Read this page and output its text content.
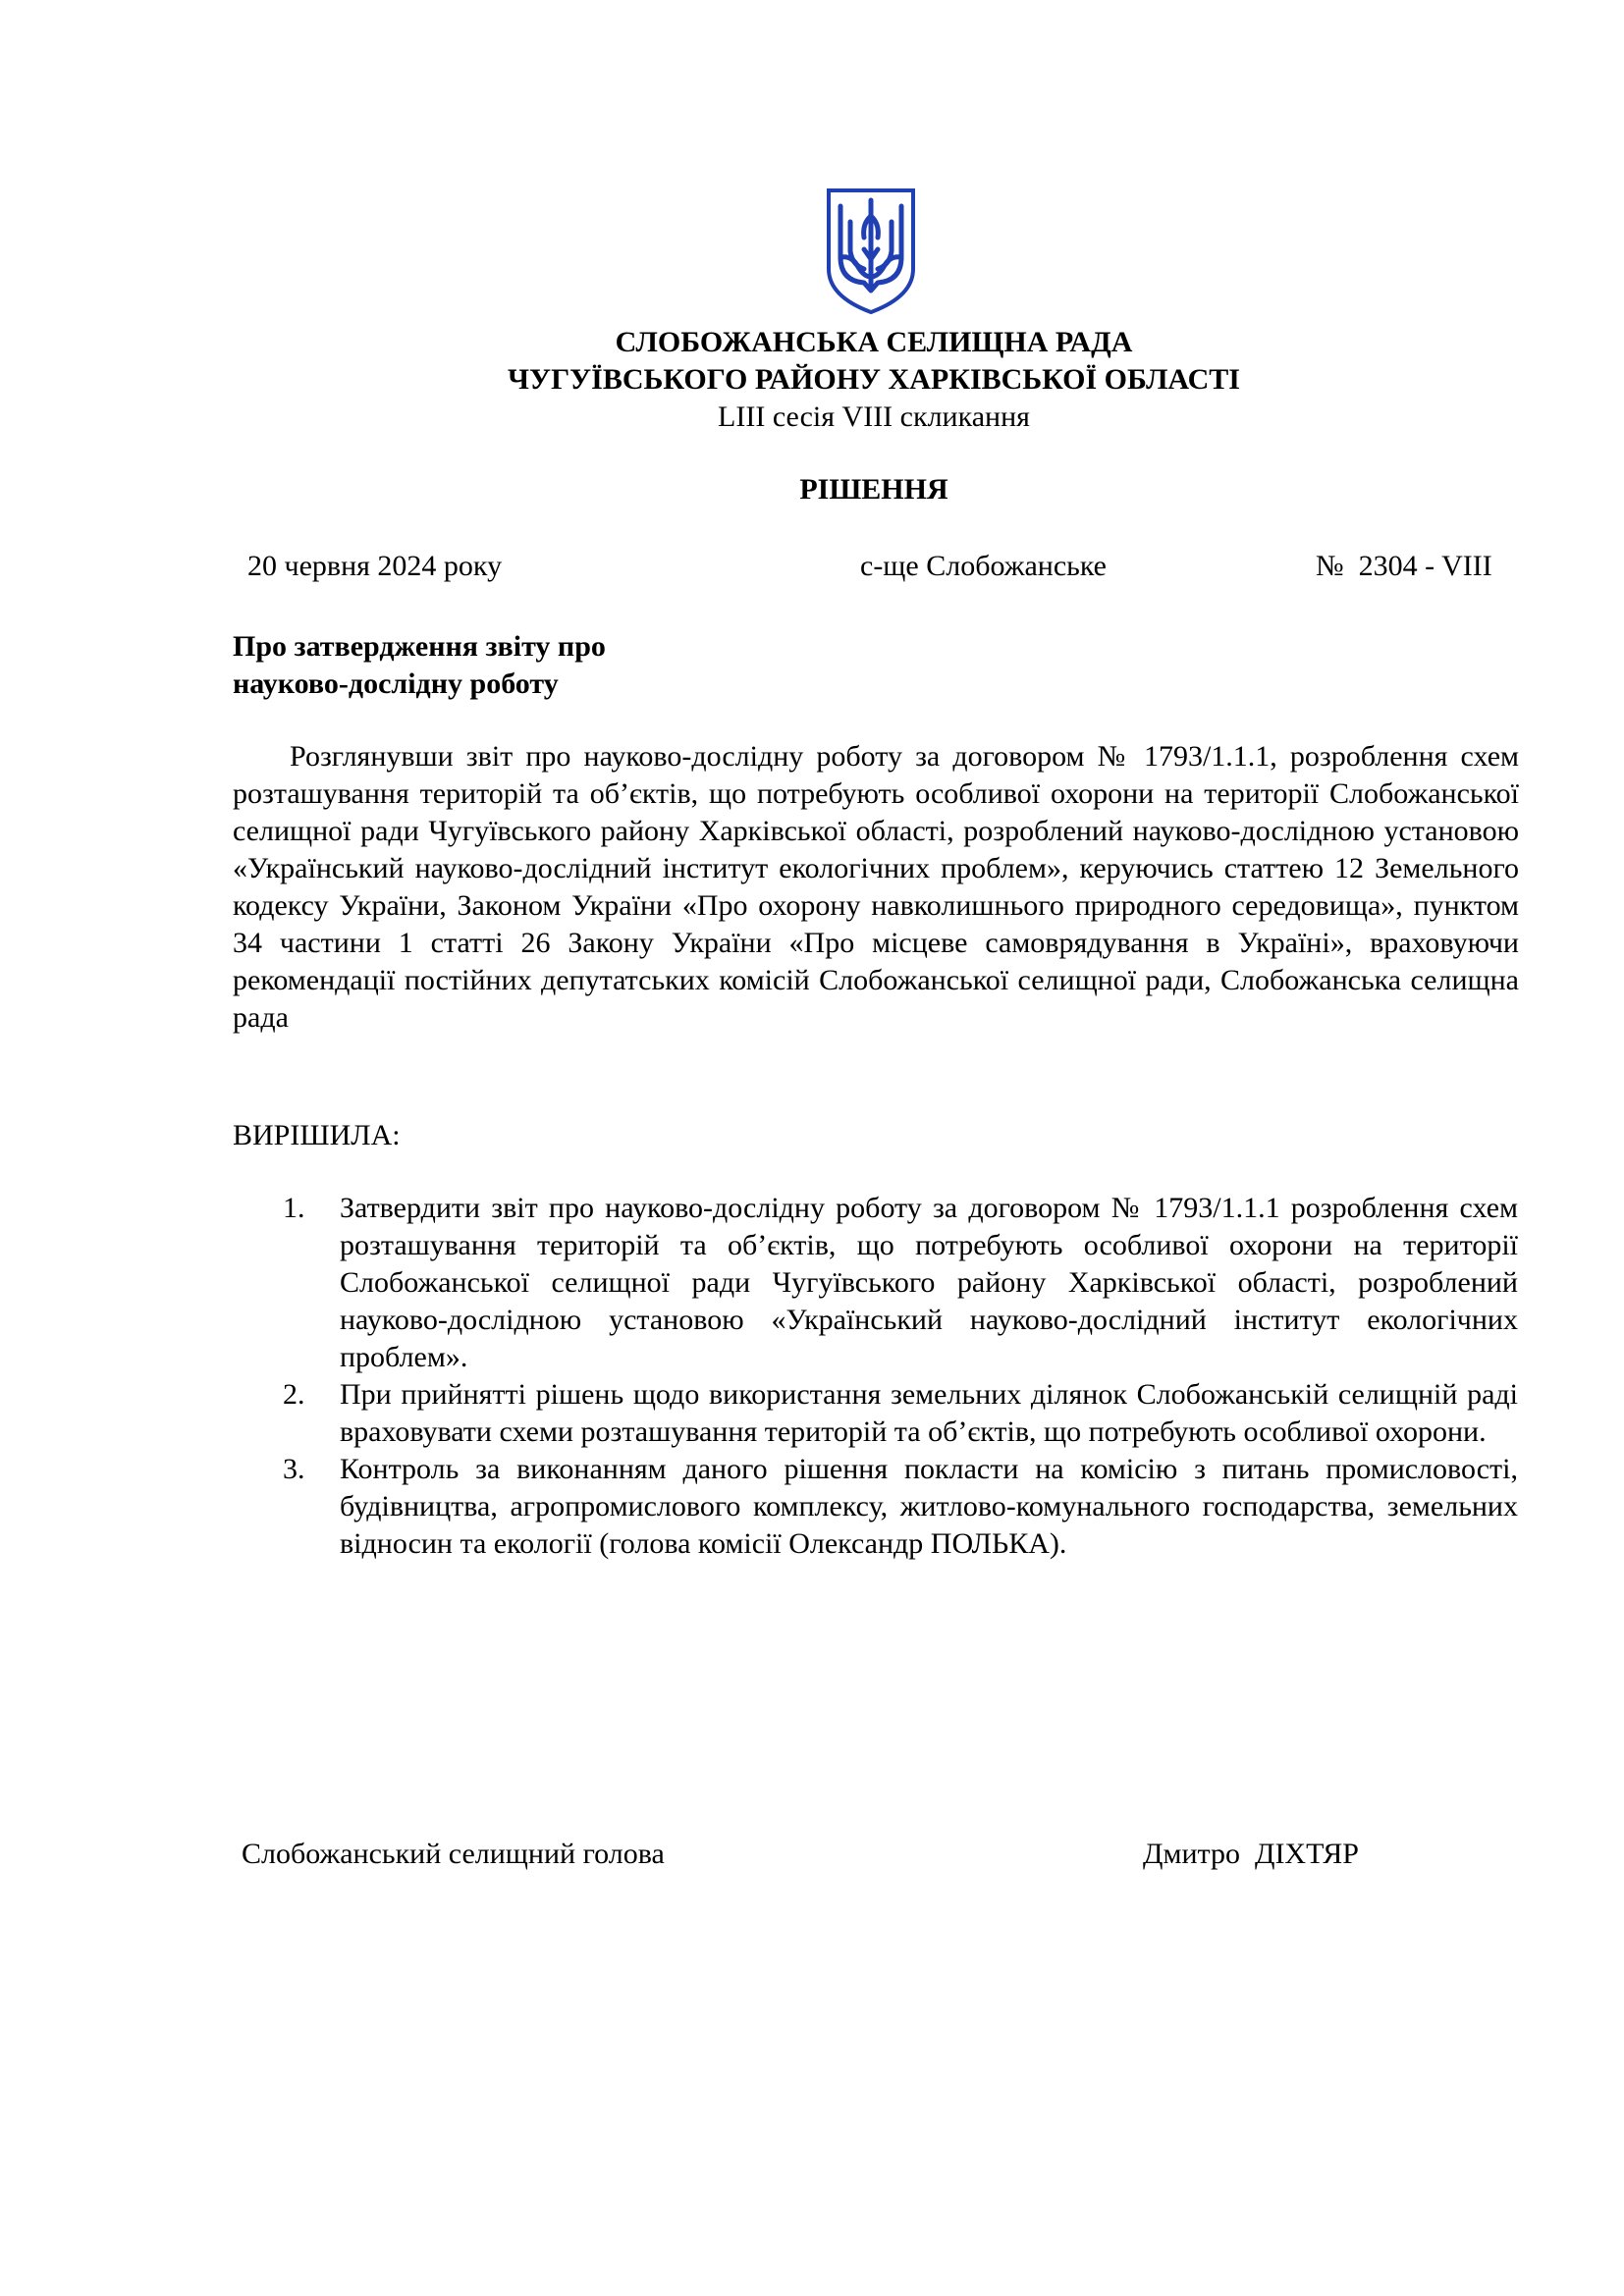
СЛОБОЖАНСЬКА СЕЛИЩНА РАДА
ЧУГУЇВСЬКОГО РАЙОНУ ХАРКІВСЬКОЇ ОБЛАСТІ
LIII сесія VIII скликання
РІШЕННЯ
20 червня 2024 року	с-ще Слобожанське	№  2304 - VIII
Про затвердження звіту про
науково-дослідну роботу
Розглянувши звіт про науково-дослідну роботу за договором № 1793/1.1.1, розроблення схем розташування територій та об’єктів, що потребують особливої охорони на території Слобожанської селищної ради Чугуївського району Харківської області, розроблений науково-дослідною установою «Український науково-дослідний інститут екологічних проблем», керуючись статтею 12 Земельного кодексу України, Законом України «Про охорону навколишнього природного середовища», пунктом 34 частини 1 статті 26 Закону України «Про місцеве самоврядування в Україні», враховуючи рекомендації постійних депутатських комісій Слобожанської селищної ради, Слобожанська селищна рада
ВИРІШИЛА:
1. Затвердити звіт про науково-дослідну роботу за договором № 1793/1.1.1 розроблення схем розташування територій та об’єктів, що потребують особливої охорони на території Слобожанської селищної ради Чугуївського району Харківської області, розроблений науково-дослідною установою «Український науково-дослідний інститут екологічних проблем».
2. При прийнятті рішень щодо використання земельних ділянок Слобожанській селищній раді враховувати схеми розташування територій та об’єктів, що потребують особливої охорони.
3. Контроль за виконанням даного рішення покласти на комісію з питань промисловості, будівництва, агропромислового комплексу, житлово-комунального господарства, земельних відносин та екології (голова комісії Олександр ПОЛЬКА).
Слобожанський селищний голова	Дмитро  ДІХТЯР
